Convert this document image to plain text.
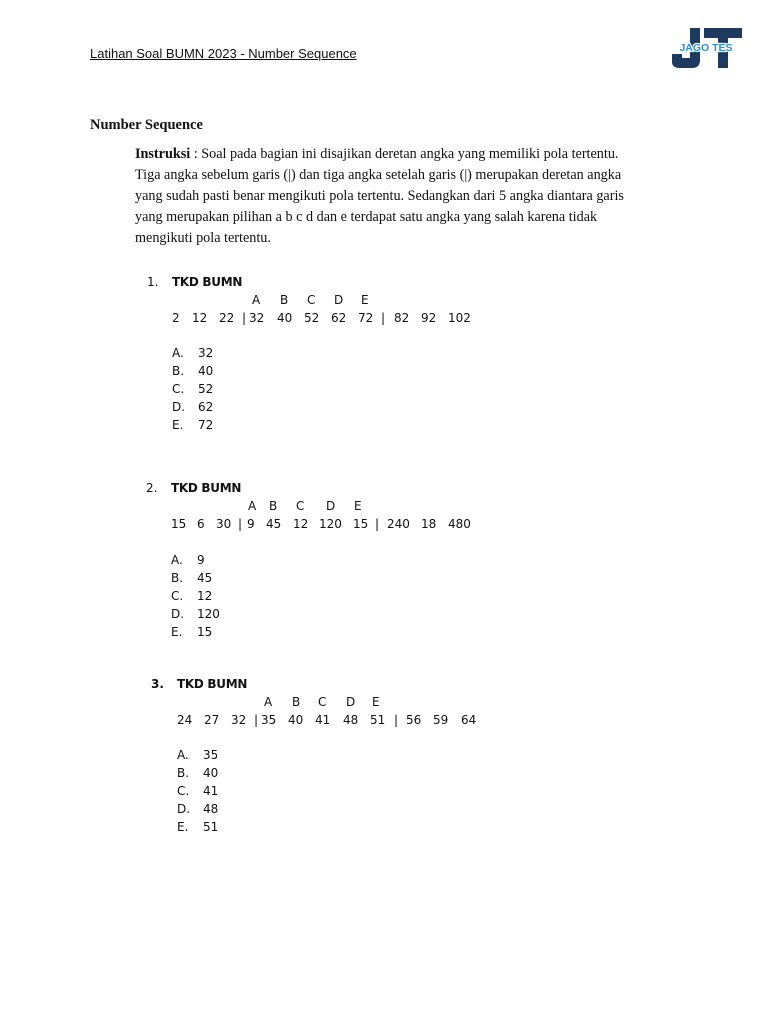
Latihan Soal BUMN 2023 - Number Sequence	JAGO TES
Number Sequence
Instruksi : Soal pada bagian ini disajikan deretan angka yang memiliki pola tertentu.
Tiga angka sebelum garis (|) dan tiga angka setelah garis (|) merupakan deretan angka
yang sudah pasti benar mengikuti pola tertentu. Sedangkan dari 5 angka diantara garis
yang merupakan pilihan a b c d dan e terdapat satu angka yang salah karena tidak
mengikuti pola tertentu.
1. TKD BUMN
A B C D E
2 12 22 | 32 40 52 62 72 | 82 92 102
A. 32
B. 40
C. 52
D. 62
E. 72
2. TKD BUMN
A B C D E
15 6 30 | 9 45 12 120 15 | 240 18 480
A. 9
B. 45
C. 12
D. 120
E. 15
3. TKD BUMN
A B C D E
24 27 32 | 35 40 41 48 51 | 56 59 64
A. 35
B. 40
C. 41
D. 48
E. 51
